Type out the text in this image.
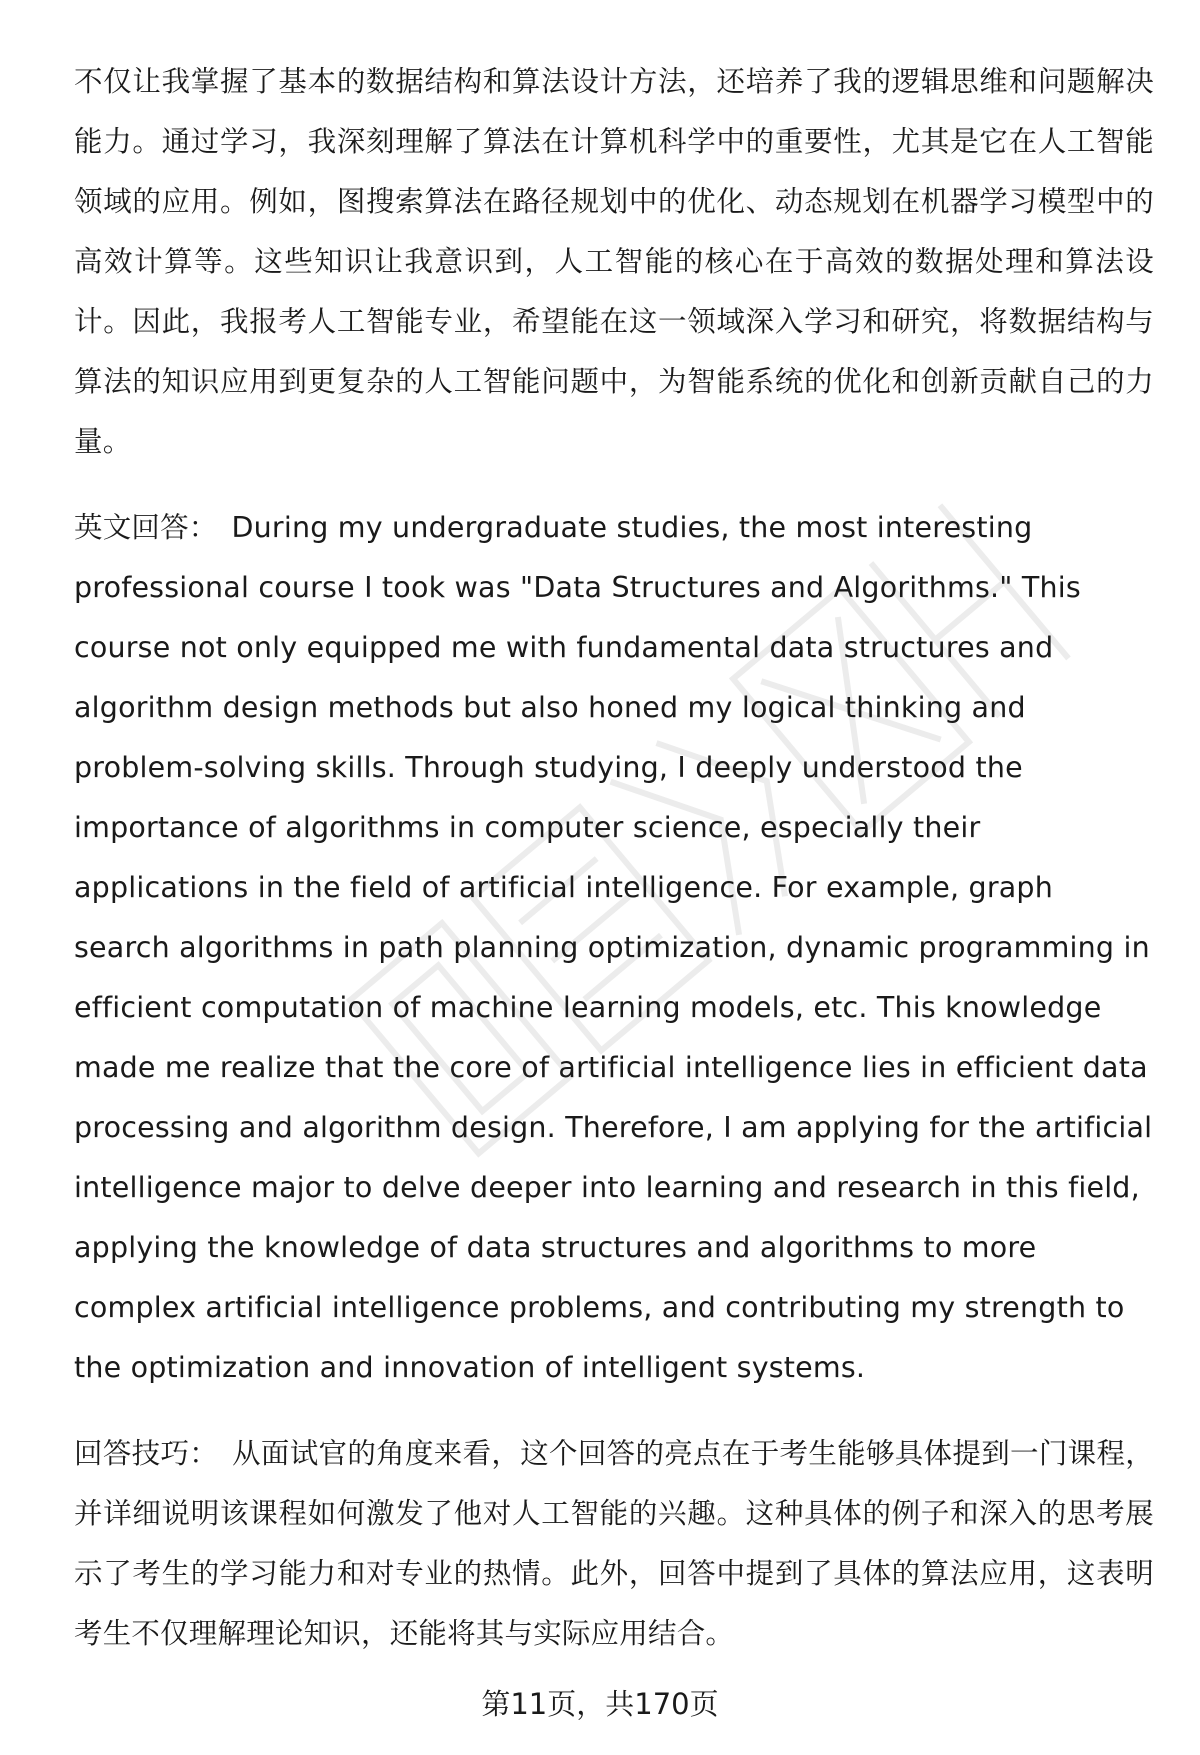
不仅让我掌握了基本的数据结构和算法设计方法，还培养了我的逻辑思维和问题解决能力。通过学习，我深刻理解了算法在计算机科学中的重要性，尤其是它在人工智能领域的应用。例如，图搜索算法在路径规划中的优化、动态规划在机器学习模型中的高效计算等。这些知识让我意识到，人工智能的核心在于高效的数据处理和算法设计。因此，我报考人工智能专业，希望能在这一领域深入学习和研究，将数据结构与算法的知识应用到更复杂的人工智能问题中，为智能系统的优化和创新贡献自己的力量。
英文回答： During my undergraduate studies, the most interesting professional course I took was "Data Structures and Algorithms." This course not only equipped me with fundamental data structures and algorithm design methods but also honed my logical thinking and problem-solving skills. Through studying, I deeply understood the importance of algorithms in computer science, especially their applications in the field of artificial intelligence. For example, graph search algorithms in path planning optimization, dynamic programming in efficient computation of machine learning models, etc. This knowledge made me realize that the core of artificial intelligence lies in efficient data processing and algorithm design. Therefore, I am applying for the artificial intelligence major to delve deeper into learning and research in this field, applying the knowledge of data structures and algorithms to more complex artificial intelligence problems, and contributing my strength to the optimization and innovation of intelligent systems.
回答技巧： 从面试官的角度来看，这个回答的亮点在于考生能够具体提到一门课程，并详细说明该课程如何激发了他对人工智能的兴趣。这种具体的例子和深入的思考展示了考生的学习能力和对专业的热情。此外，回答中提到了具体的算法应用，这表明考生不仅理解理论知识，还能将其与实际应用结合。
第11页，共170页
